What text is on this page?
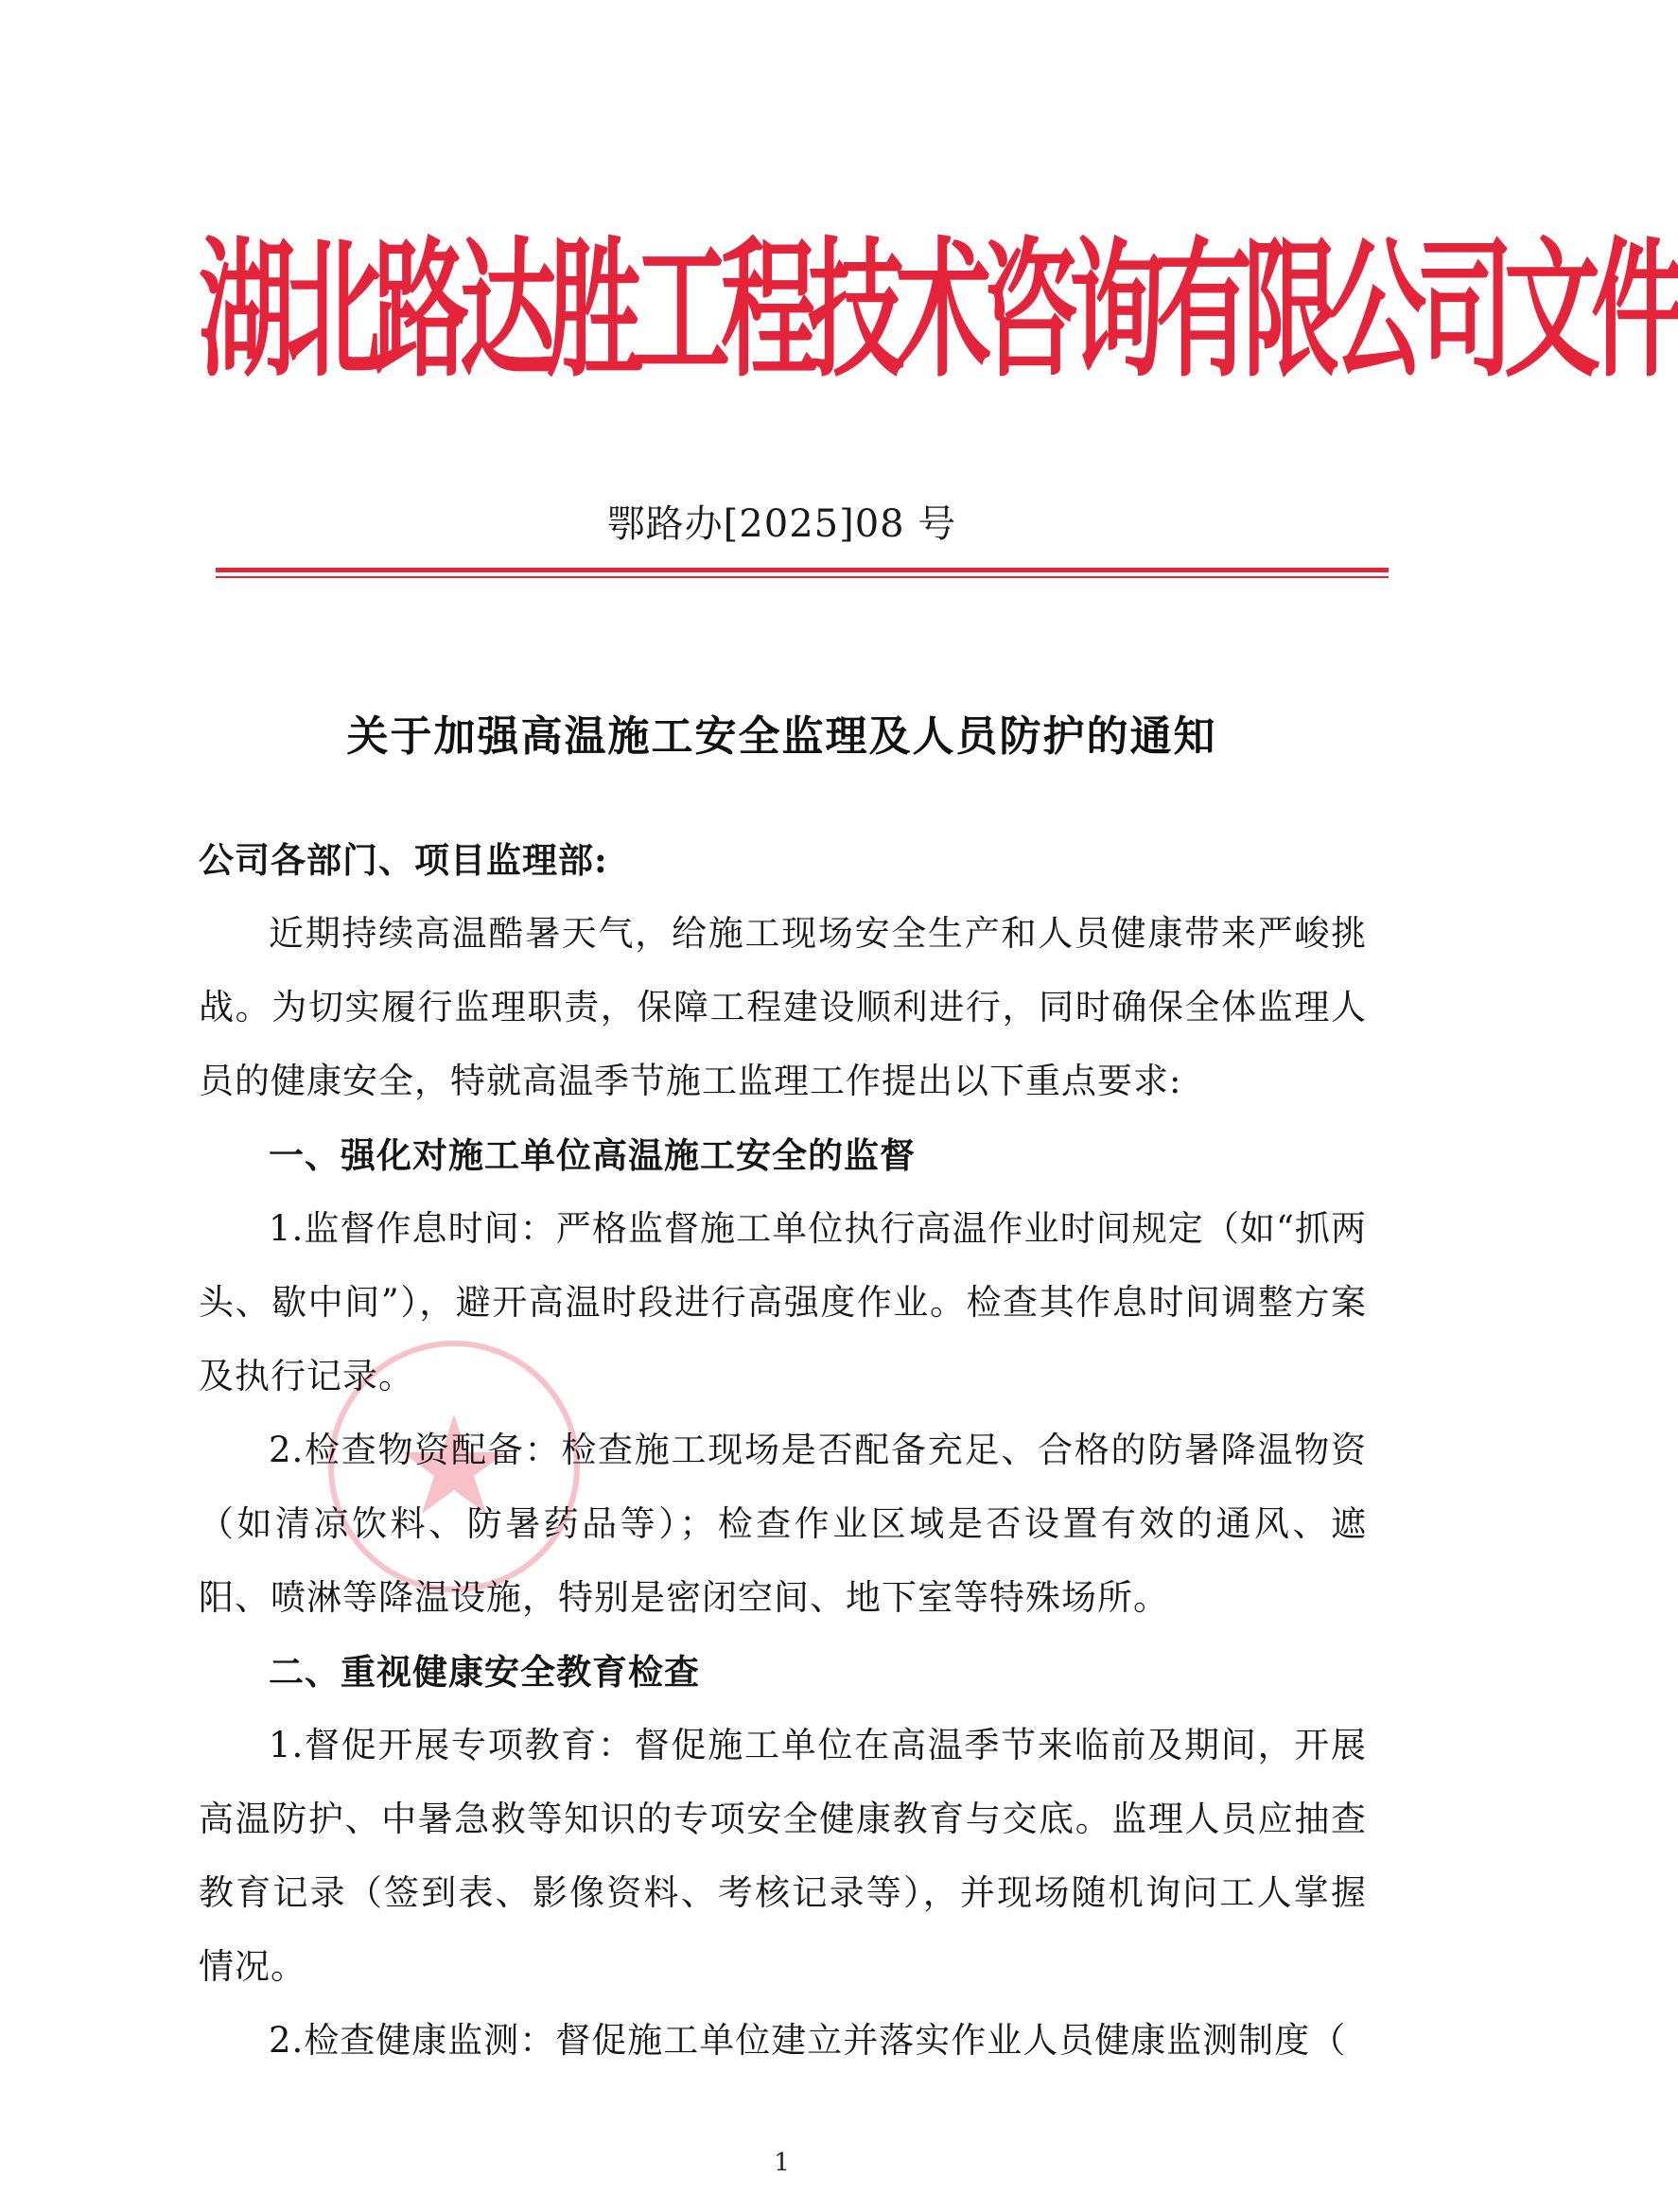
湖北路达胜工程技术咨询有限公司文件
鄂路办[2025]08 号
关于加强高温施工安全监理及人员防护的通知

公司各部门、项目监理部:

近期持续高温酷暑天气，给施工现场安全生产和人员健康带来严峻挑战。为切实履行监理职责，保障工程建设顺利进行，同时确保全体监理人员的健康安全，特就高温季节施工监理工作提出以下重点要求:

一、强化对施工单位高温施工安全的监督

1.监督作息时间：严格监督施工单位执行高温作业时间规定（如“抓两头、歇中间”），避开高温时段进行高强度作业。检查其作息时间调整方案及执行记录。

2.检查物资配备：检查施工现场是否配备充足、合格的防暑降温物资（如清凉饮料、防暑药品等）；检查作业区域是否设置有效的通风、遮阳、喷淋等降温设施，特别是密闭空间、地下室等特殊场所。

二、重视健康安全教育检查

1.督促开展专项教育：督促施工单位在高温季节来临前及期间，开展高温防护、中暑急救等知识的专项安全健康教育与交底。监理人员应抽查教育记录（签到表、影像资料、考核记录等），并现场随机询问工人掌握情况。

2.检查健康监测：督促施工单位建立并落实作业人员健康监测制度（

1
